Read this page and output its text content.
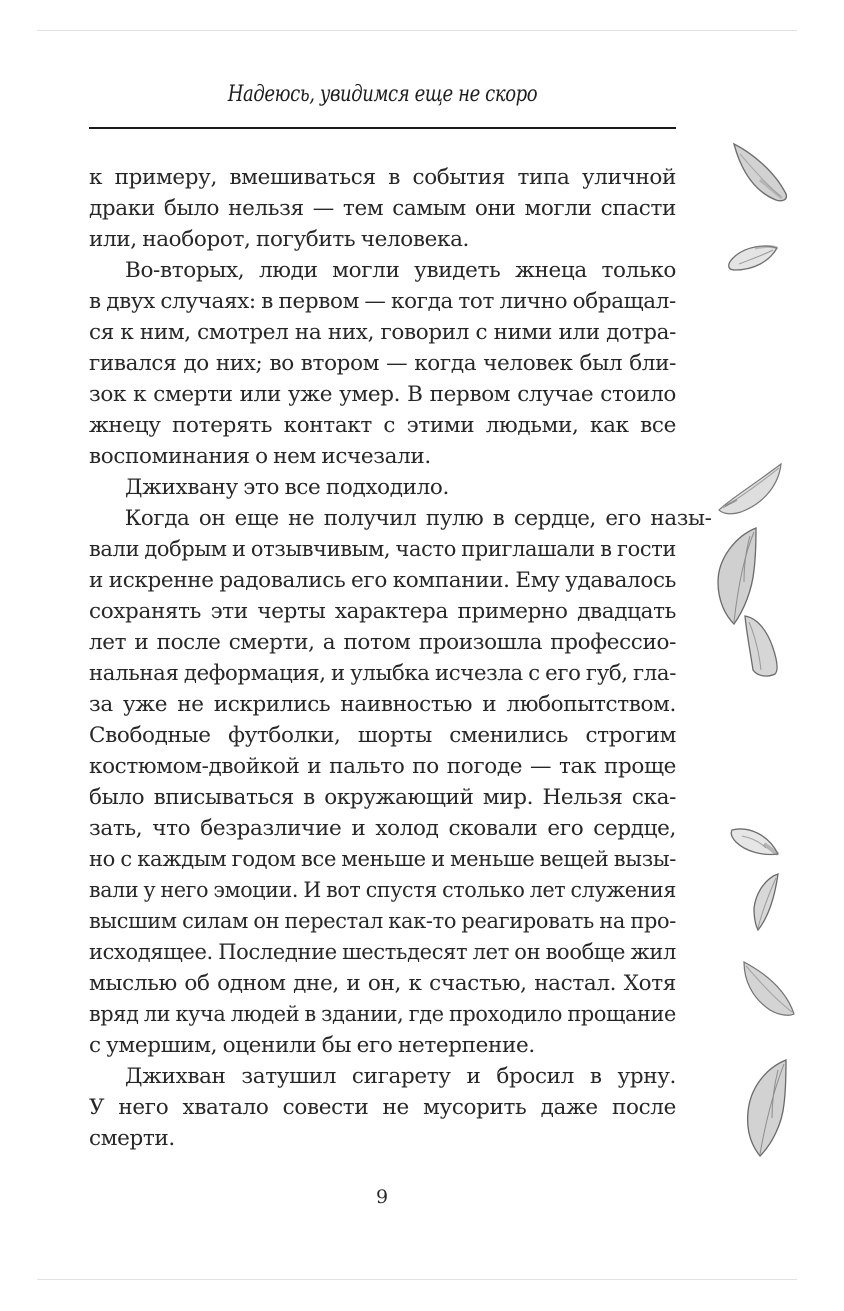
Надеюсь, увидимся еще не скоро
к примеру, вмешиваться в события типа уличной
драки было нельзя — тем самым они могли спасти
или, наоборот, погубить человека.
Во-вторых, люди могли увидеть жнеца только
в двух случаях: в первом — когда тот лично обращал-
ся к ним, смотрел на них, говорил с ними или дотра-
гивался до них; во втором — когда человек был бли-
зок к смерти или уже умер. В первом случае стоило
жнецу потерять контакт с этими людьми, как все
воспоминания о нем исчезали.
Джихвану это все подходило.
Когда он еще не получил пулю в сердце, его назы-
вали добрым и отзывчивым, часто приглашали в гости
и искренне радовались его компании. Ему удавалось
сохранять эти черты характера примерно двадцать
лет и после смерти, а потом произошла профессио-
нальная деформация, и улыбка исчезла с его губ, гла-
за уже не искрились наивностью и любопытством.
Свободные футболки, шорты сменились строгим
костюмом-двойкой и пальто по погоде — так проще
было вписываться в окружающий мир. Нельзя ска-
зать, что безразличие и холод сковали его сердце,
но с каждым годом все меньше и меньше вещей вызы-
вали у него эмоции. И вот спустя столько лет служения
высшим силам он перестал как-то реагировать на про-
исходящее. Последние шестьдесят лет он вообще жил
мыслью об одном дне, и он, к счастью, настал. Хотя
вряд ли куча людей в здании, где проходило прощание
с умершим, оценили бы его нетерпение.
Джихван затушил сигарету и бросил в урну.
У него хватало совести не мусорить даже после
смерти.
9
